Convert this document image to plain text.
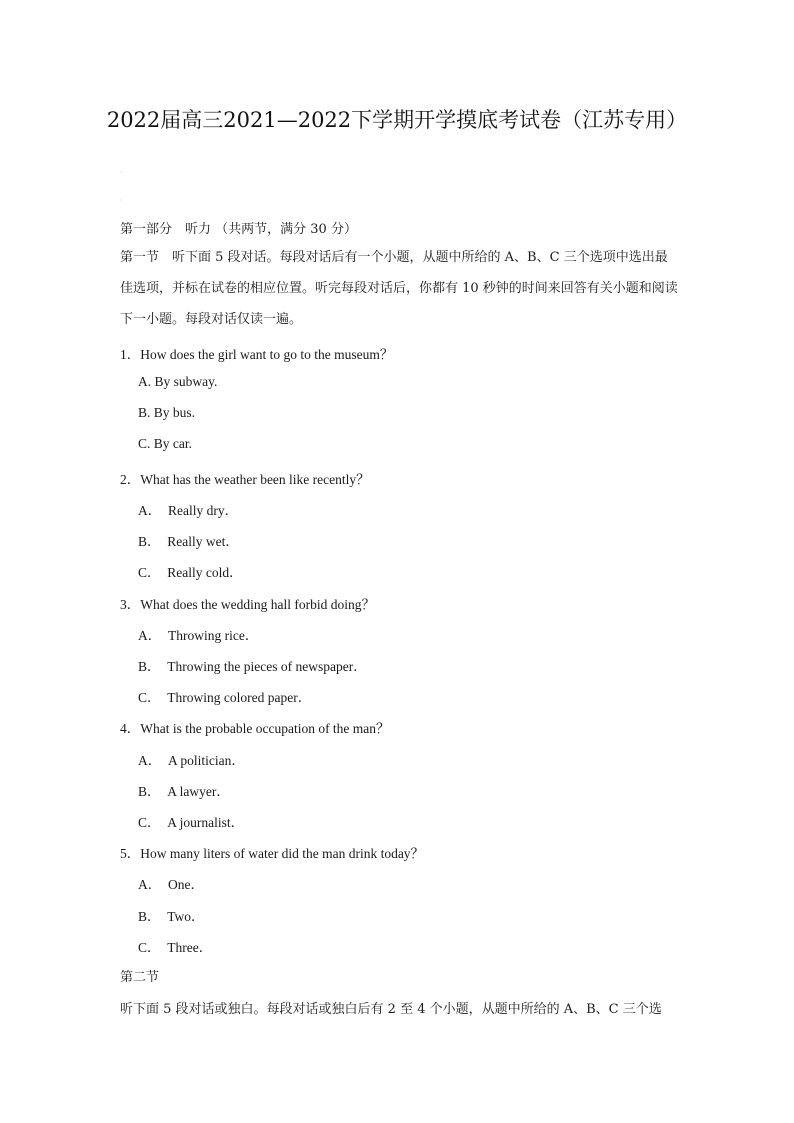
2022届高三2021—2022下学期开学摸底考试卷（江苏专用）
·
·
第一部分　听力 （共两节，满分 30 分）
第一节　听下面 5 段对话。每段对话后有一个小题，从题中所给的 A、B、C 三个选项中选出最佳选项，并标在试卷的相应位置。听完每段对话后，你都有 10 秒钟的时间来回答有关小题和阅读下一小题。每段对话仅读一遍。
1．How does the girl want to go to the museum？
A. By subway.
B. By bus.
C. By car.
2．What has the weather been like recently？
A．　Really dry．
B．　Really wet．
C．　Really cold．
3．What does the wedding hall forbid doing？
A．　Throwing rice．
B．　Throwing the pieces of newspaper．
C．　Throwing colored paper．
4．What is the probable occupation of the man？
A．　A politician．
B．　A lawyer．
C．　A journalist．
5．How many liters of water did the man drink today？
A．　One．
B．　Two．
C．　Three．
第二节
听下面 5 段对话或独白。每段对话或独白后有 2 至 4 个小题，从题中所给的 A、B、C 三个选
